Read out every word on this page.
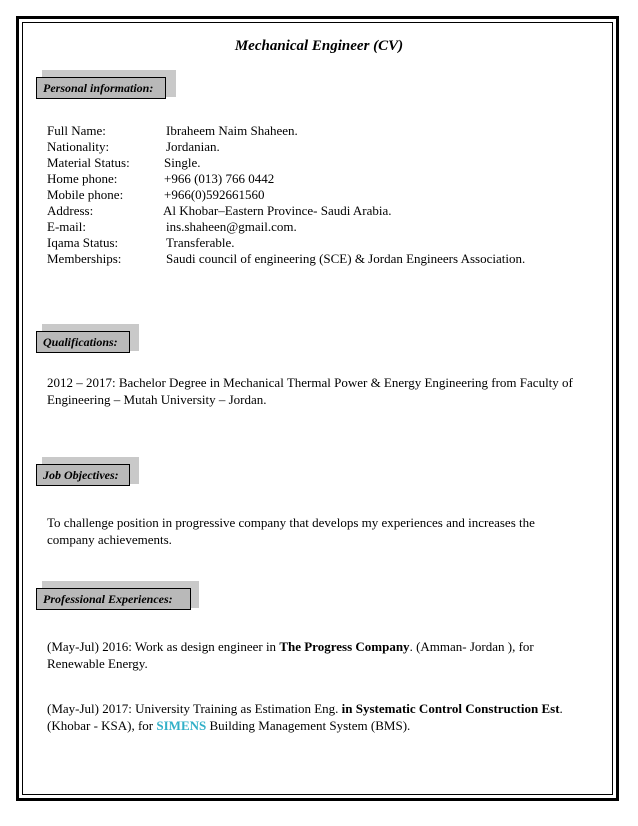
Mechanical Engineer (CV)
Personal information:
Full Name:	Ibraheem Naim Shaheen.
Nationality:	Jordanian.
Material Status:	Single.
Home phone:	+966 (013) 766 0442
Mobile phone:	+966(0)592661560
Address:	Al Khobar–Eastern Province- Saudi Arabia.
E-mail:	ins.shaheen@gmail.com.
Iqama Status:	Transferable.
Memberships:	Saudi council of engineering (SCE) & Jordan Engineers Association.
Qualifications:
2012 – 2017: Bachelor Degree in Mechanical Thermal Power & Energy Engineering from Faculty of Engineering – Mutah University – Jordan.
Job Objectives:
To challenge position in progressive company that develops my experiences and increases the company achievements.
Professional Experiences:
(May-Jul) 2016: Work as design engineer in The Progress Company. (Amman- Jordan ), for Renewable Energy.
(May-Jul) 2017: University Training as Estimation Eng. in Systematic Control Construction Est. (Khobar - KSA), for SIMENS Building Management System (BMS).
